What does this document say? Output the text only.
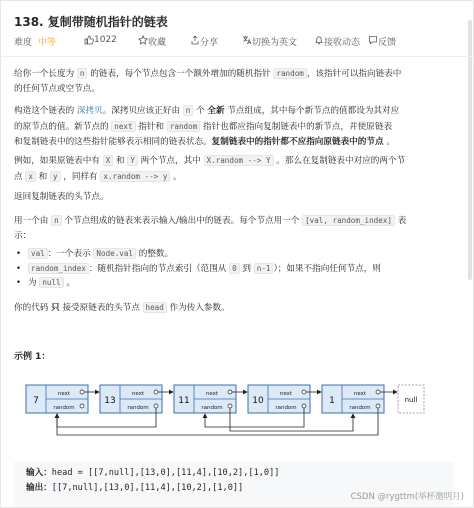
138. 复制带随机指针的链表
难度 中等	1022	收藏	分享	切换为英文	接收动态 反馈
给你一个长度为 n 的链表，每个节点包含一个额外增加的随机指针 random ，该指针可以指向链表中
的任何节点或空节点。
构造这个链表的 深拷贝。深拷贝应该正好由 n 个 全新 节点组成，其中每个新节点的值都设为其对应
的原节点的值。新节点的 next 指针和 random 指针也都应指向复制链表中的新节点，并使原链表
和复制链表中的这些指针能够表示相同的链表状态。复制链表中的指针都不应指向原链表中的节点 。
例如，如果原链表中有 X 和 Y 两个节点，其中 X.random --> Y 。那么在复制链表中对应的两个节
点 x 和 y ，同样有 x.random --> y 。
返回复制链表的头节点。
用一个由 n 个节点组成的链表来表示输入/输出中的链表。每个节点用一个 [val, random_index] 表
示：
• val ：一个表示 Node.val 的整数。
• random_index ：随机指针指向的节点索引（范围从 0 到 n-1 ）；如果不指向任何节点，则
• 为 null 。
你的代码 只 接受原链表的头节点 head 作为传入参数。
示例 1：
7
next
random
13
next
random
11
next
random
10
next
random
1
next
random
null
输入：head = [[7,null],[13,0],[11,4],[10,2],[1,0]]
输出：[[7,null],[13,0],[11,4],[10,2],[1,0]]
CSDN @rygttm(举杯邀明月)
